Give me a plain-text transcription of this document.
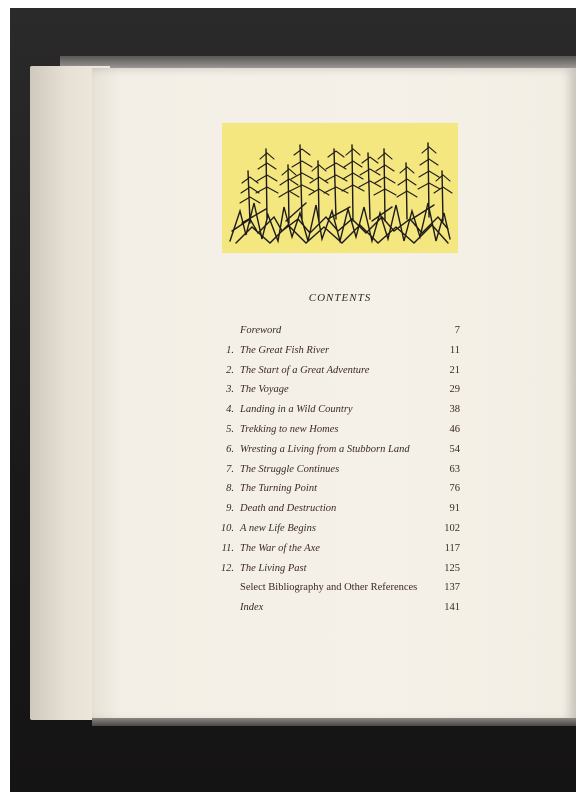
CONTENTS
Foreword	7
1. The Great Fish River	11
2. The Start of a Great Adventure	21
3. The Voyage	29
4. Landing in a Wild Country	38
5. Trekking to new Homes	46
6. Wresting a Living from a Stubborn Land	54
7. The Struggle Continues	63
8. The Turning Point	76
9. Death and Destruction	91
10. A new Life Begins	102
11. The War of the Axe	117
12. The Living Past	125
Select Bibliography and Other References	137
Index	141
